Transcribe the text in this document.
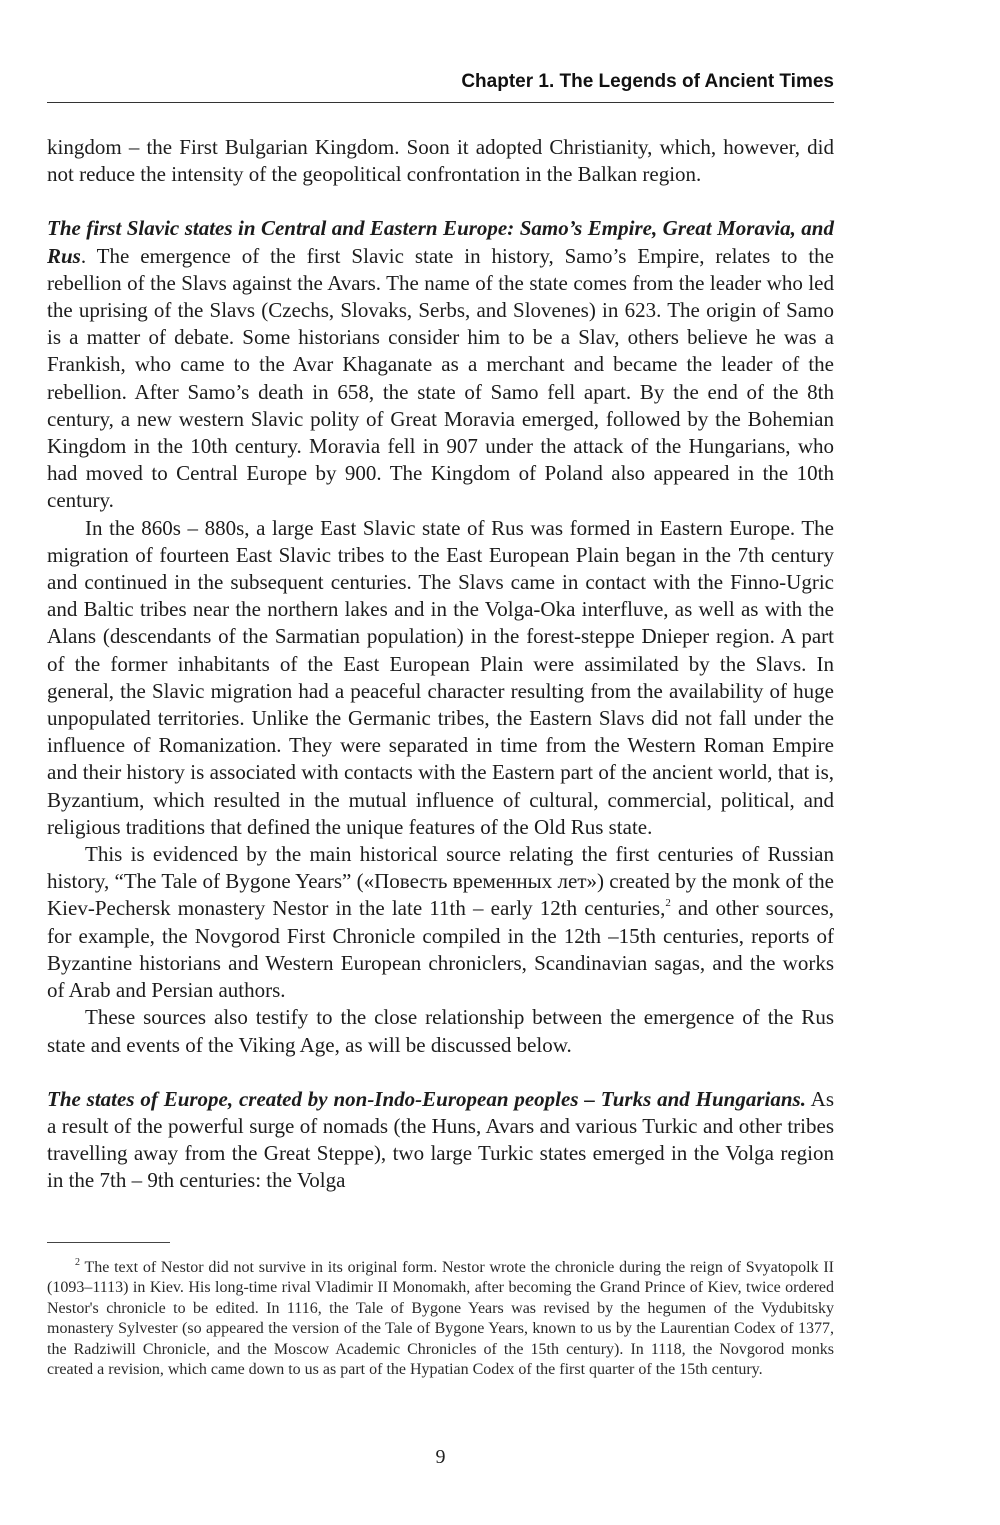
Chapter 1. The Legends of Ancient Times

kingdom – the First Bulgarian Kingdom. Soon it adopted Christianity, which, however, did not reduce the intensity of the geopolitical confrontation in the Balkan region.

The first Slavic states in Central and Eastern Europe: Samo’s Empire, Great Moravia, and Rus. The emergence of the first Slavic state in history, Samo’s Empire, relates to the rebellion of the Slavs against the Avars. The name of the state comes from the leader who led the uprising of the Slavs (Czechs, Slovaks, Serbs, and Slovenes) in 623. The origin of Samo is a matter of debate. Some historians consider him to be a Slav, others believe he was a Frankish, who came to the Avar Khaganate as a merchant and became the leader of the rebellion. After Samo’s death in 658, the state of Samo fell apart. By the end of the 8th century, a new western Slavic polity of Great Moravia emerged, followed by the Bohemian Kingdom in the 10th century. Moravia fell in 907 under the attack of the Hungarians, who had moved to Central Europe by 900. The Kingdom of Poland also appeared in the 10th century.

In the 860s – 880s, a large East Slavic state of Rus was formed in Eastern Europe. The migration of fourteen East Slavic tribes to the East European Plain began in the 7th century and continued in the subsequent centuries. The Slavs came in contact with the Finno-Ugric and Baltic tribes near the northern lakes and in the Volga-Oka interfluve, as well as with the Alans (descendants of the Sarmatian population) in the forest-steppe Dnieper region. A part of the former inhabitants of the East European Plain were assimilated by the Slavs. In general, the Slavic migration had a peaceful character resulting from the availability of huge unpopulated territories. Unlike the Germanic tribes, the Eastern Slavs did not fall under the influence of Romanization. They were separated in time from the Western Roman Empire and their history is associated with contacts with the Eastern part of the ancient world, that is, Byzantium, which resulted in the mutual influence of cultural, commercial, political, and religious traditions that defined the unique features of the Old Rus state.

This is evidenced by the main historical source relating the first centuries of Russian history, “The Tale of Bygone Years” («Повесть временных лет») created by the monk of the Kiev-Pechersk monastery Nestor in the late 11th – early 12th centuries,$^2$ and other sources, for example, the Novgorod First Chronicle compiled in the 12th –15th centuries, reports of Byzantine historians and Western European chroniclers, Scandinavian sagas, and the works of Arab and Persian authors.

These sources also testify to the close relationship between the emergence of the Rus state and events of the Viking Age, as will be discussed below.

The states of Europe, created by non-Indo-European peoples – Turks and Hungarians. As a result of the powerful surge of nomads (the Huns, Avars and various Turkic and other tribes travelling away from the Great Steppe), two large Turkic states emerged in the Volga region in the 7th – 9th centuries: the Volga

$^2$ The text of Nestor did not survive in its original form. Nestor wrote the chronicle during the reign of Svyatopolk II (1093–1113) in Kiev. His long-time rival Vladimir II Monomakh, after becoming the Grand Prince of Kiev, twice ordered Nestor's chronicle to be edited. In 1116, the Tale of Bygone Years was revised by the hegumen of the Vydubitsky monastery Sylvester (so appeared the version of the Tale of Bygone Years, known to us by the Laurentian Codex of 1377, the Radziwill Chronicle, and the Moscow Academic Chronicles of the 15th century). In 1118, the Novgorod monks created a revision, which came down to us as part of the Hypatian Codex of the first quarter of the 15th century.

9
